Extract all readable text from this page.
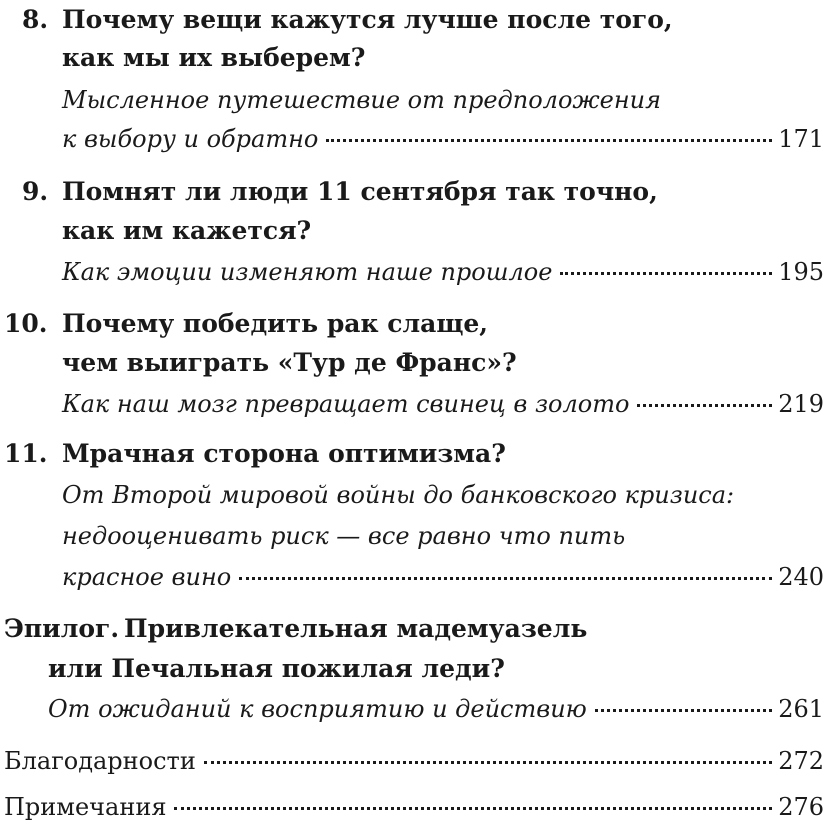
8. Почему вещи кажутся лучше после того,
как мы их выберем?
Мысленное путешествие от предположения
к выбору и обратно	171
9. Помнят ли люди 11 сентября так точно,
как им кажется?
Как эмоции изменяют наше прошлое	195
10. Почему победить рак слаще,
чем выиграть «Тур де Франс»?
Как наш мозг превращает свинец в золото	219
11. Мрачная сторона оптимизма?
От Второй мировой войны до банковского кризиса:
недооценивать риск — все равно что пить
красное вино	240
Эпилог. Привлекательная мадемуазель
или Печальная пожилая леди?
От ожиданий к восприятию и действию	261
Благодарности	272
Примечания	276
